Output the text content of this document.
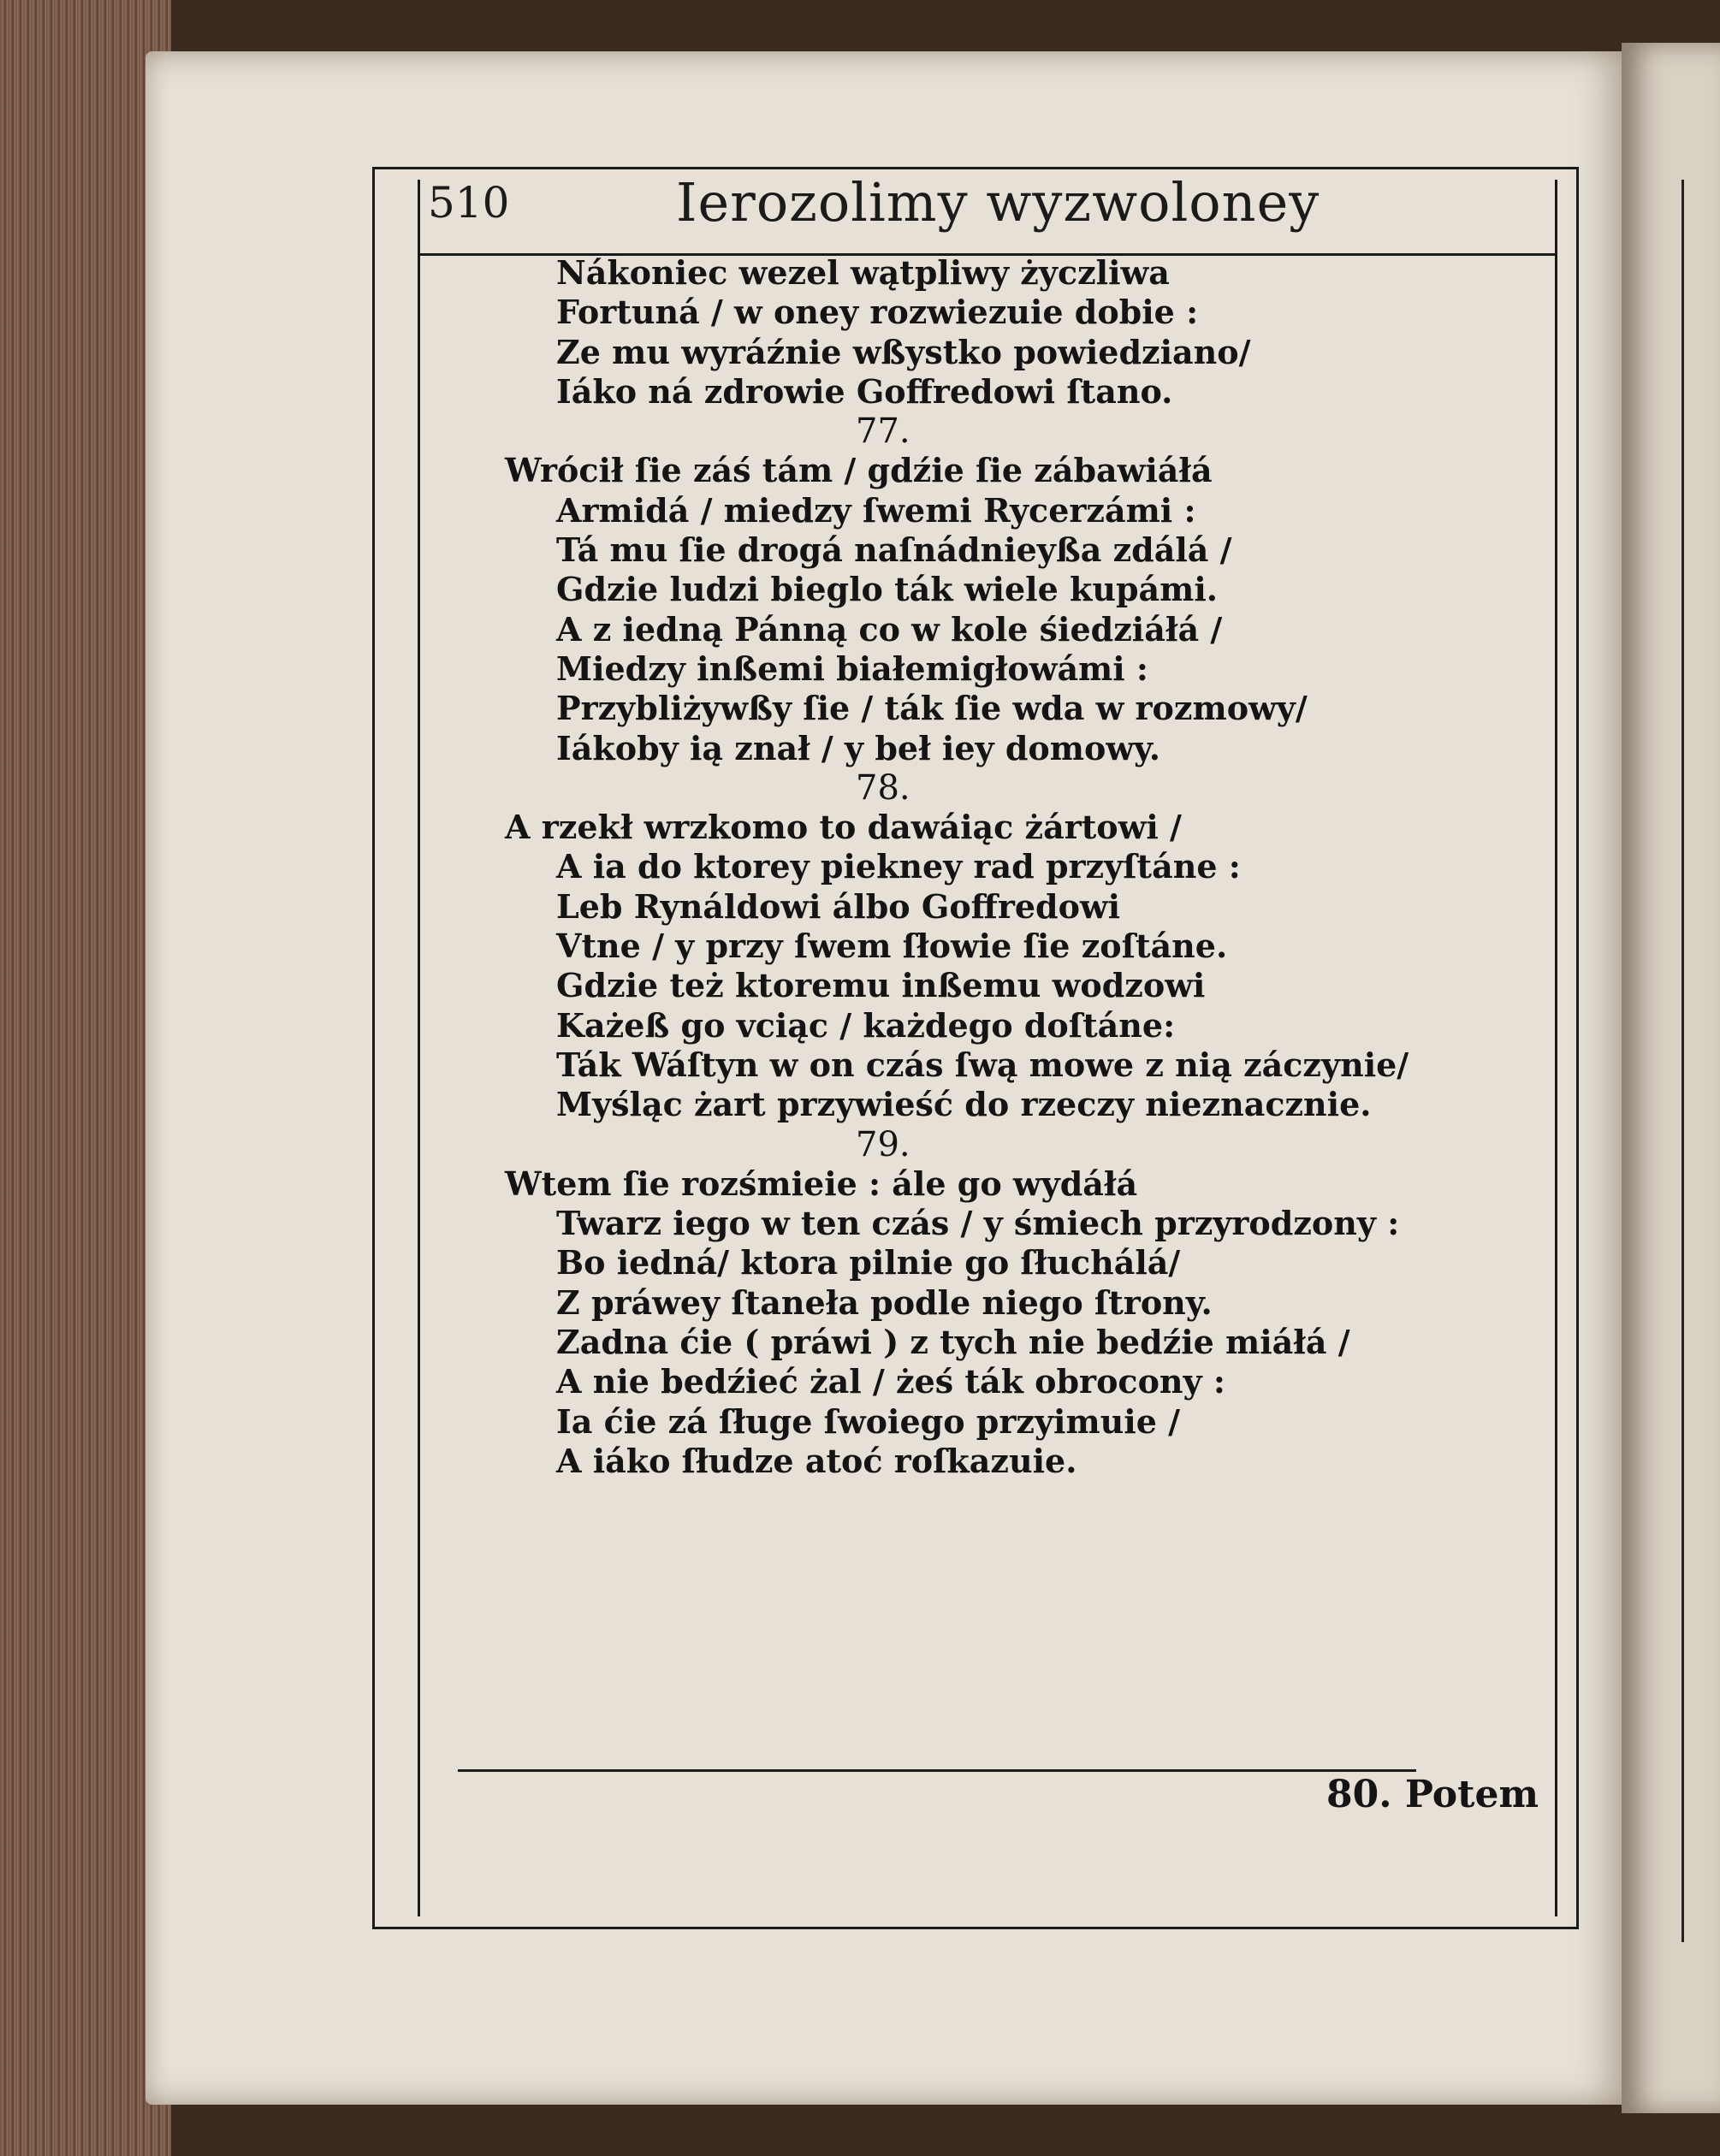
510	Ierozolimy wyzwoloney
Nákoniec wezel wątpliwy życzliwa
Fortuná / w oney rozwiezuie dobie :
Ze mu wyráźnie wßystko powiedziano/
Iáko ná zdrowie Goffredowi ſtano.
77.
Wrócił ſie záś tám / gdźie ſie zábawiáłá
Armidá / miedzy ſwemi Rycerzámi :
Tá mu ſie drogá naſnádnieyßa zdálá /
Gdzie ludzi bieglo ták wiele kupámi.
A z iedną Pánną co w kole śiedziáłá /
Miedzy inßemi białemigłowámi :
Przybliżywßy ſie / ták ſie wda w rozmowy/
Iákoby ią znał / y beł iey domowy.
78.
A rzekł wrzkomo to dawáiąc żártowi /
A ia do ktorey piekney rad przyſtáne :
Leb Rynáldowi álbo Goffredowi
Vtne / y przy ſwem ſłowie ſie zoſtáne.
Gdzie też ktoremu inßemu wodzowi
Każeß go vciąc / każdego doſtáne:
Ták Wáſtyn w on czás ſwą mowe z nią záczynie/
Myśląc żart przywieść do rzeczy nieznacznie.
79.
Wtem ſie rozśmieie : ále go wydáłá
Twarz iego w ten czás / y śmiech przyrodzony :
Bo iedná/ ktora pilnie go ſłuchálá/
Z práwey ſtaneła podle niego ſtrony.
Zadna ćie ( práwi ) z tych nie bedźie miáłá /
A nie bedźieć żal / żeś ták obrocony :
Ia ćie zá ſługe ſwoiego przyimuie /
A iáko ſłudze atoć roſkazuie.
80. Potem
